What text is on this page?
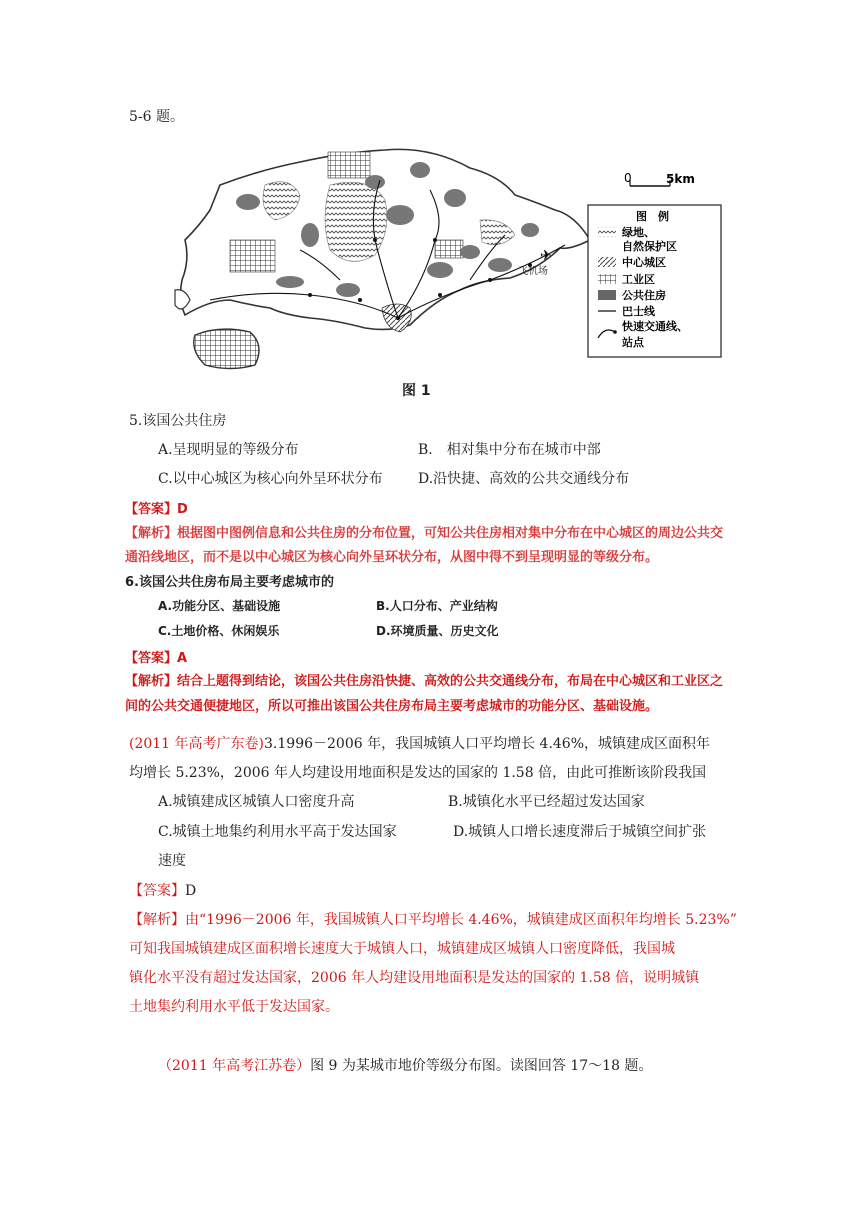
5-6 题。
✈
飞机场
0	5km
图　例
绿地、
自然保护区
中心城区
工业区
公共住房
巴士线
快速交通线、
站点
图 1
5.该国公共住房
A.呈现明显的等级分布	B.　相对集中分布在城市中部
C.以中心城区为核心向外呈环状分布	D.沿快捷、高效的公共交通线分布
【答案】D
【解析】根据图中图例信息和公共住房的分布位置，可知公共住房相对集中分布在中心城区的周边公共交
通沿线地区，而不是以中心城区为核心向外呈环状分布，从图中得不到呈现明显的等级分布。
6.该国公共住房布局主要考虑城市的
A.功能分区、基础设施	B.人口分布、产业结构
C.土地价格、休闲娱乐	D.环境质量、历史文化
【答案】A
【解析】结合上题得到结论，该国公共住房沿快捷、高效的公共交通线分布，布局在中心城区和工业区之
间的公共交通便捷地区，所以可推出该国公共住房布局主要考虑城市的功能分区、基础设施。
(2011 年高考广东卷)3.1996－2006 年，我国城镇人口平均增长 4.46%，城镇建成区面积年
均增长 5.23%，2006 年人均建设用地面积是发达的国家的 1.58 倍，由此可推断该阶段我国
A.城镇建成区城镇人口密度升高	B.城镇化水平已经超过发达国家
C.城镇土地集约利用水平高于发达国家	D.城镇人口增长速度滞后于城镇空间扩张
速度
【答案】D
【解析】由“1996－2006 年，我国城镇人口平均增长 4.46%，城镇建成区面积年均增长 5.23%”
可知我国城镇建成区面积增长速度大于城镇人口，城镇建成区城镇人口密度降低，我国城
镇化水平没有超过发达国家，2006 年人均建设用地面积是发达的国家的 1.58 倍，说明城镇
土地集约利用水平低于发达国家。
（2011 年高考江苏卷）图 9 为某城市地价等级分布图。读图回答 17～18 题。
